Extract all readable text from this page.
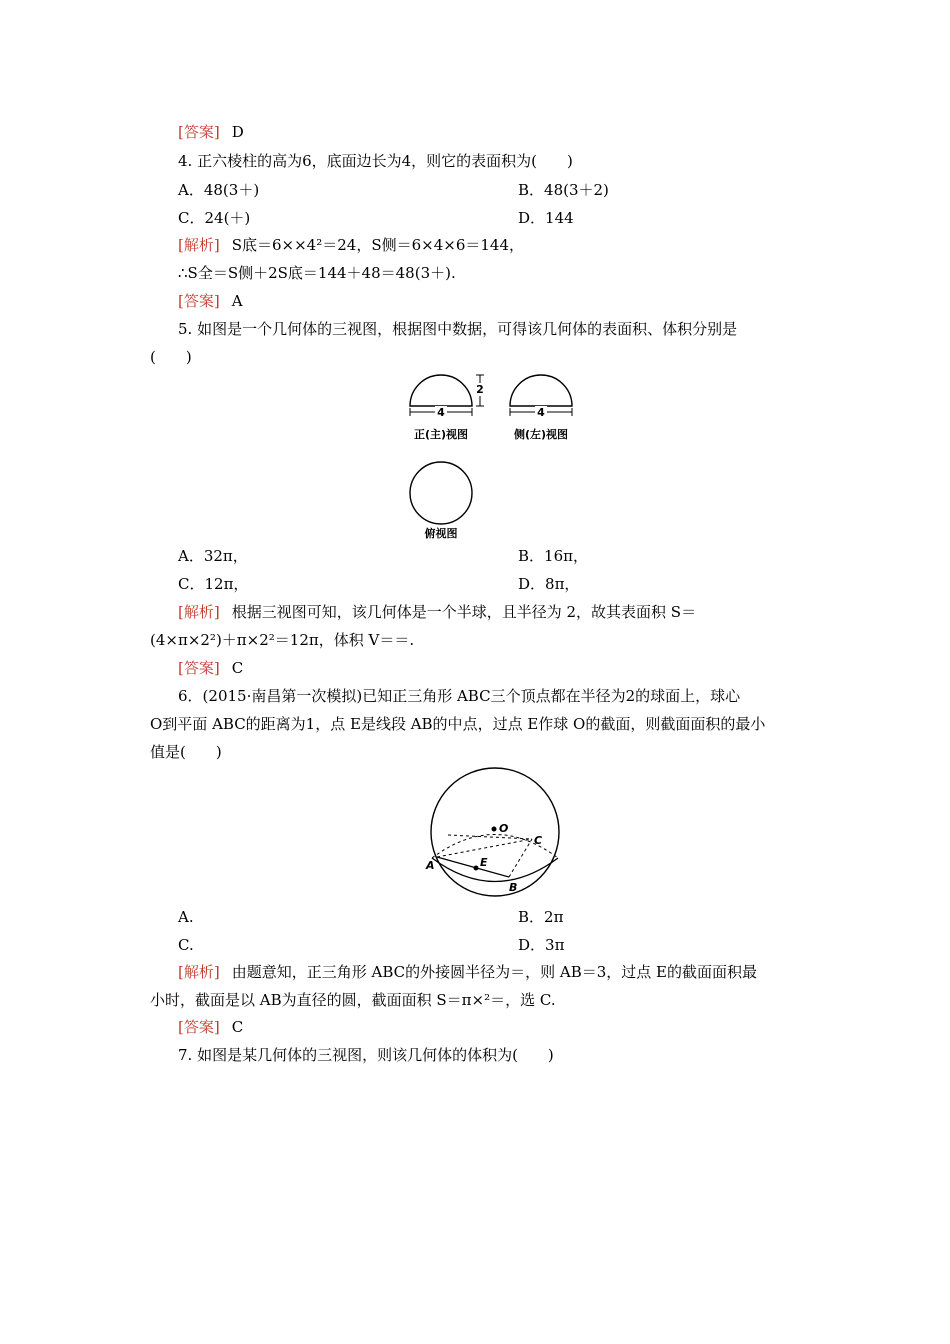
[答案] D
4. 正六棱柱的高为6，底面边长为4，则它的表面积为(　　)
A．48(3＋)	B．48(3＋2)
C．24(＋)	D．144
[解析] S底＝6××4²＝24，S侧＝6×4×6＝144，
∴S全＝S侧＋2S底＝144＋48＝48(3＋).
[答案] A
5. 如图是一个几何体的三视图，根据图中数据，可得该几何体的表面积、体积分别是
(　　)
4
2
正(主)视图
4
侧(左)视图
俯视图
A．32π，	B．16π，
C．12π，	D．8π，
[解析] 根据三视图可知，该几何体是一个半球，且半径为 2，故其表面积 S＝
(4×π×2²)＋π×2²＝12π，体积 V＝＝.
[答案] C
6．(2015·南昌第一次模拟)已知正三角形 ABC三个顶点都在半径为2的球面上，球心
O到平面 ABC的距离为1，点 E是线段 AB的中点，过点 E作球 O的截面，则截面面积的最小
值是(　　)
O
A
B
C
E
A.	B．2π
C.	D．3π
[解析] 由题意知，正三角形 ABC的外接圆半径为＝，则 AB＝3，过点 E的截面面积最
小时，截面是以 AB为直径的圆，截面面积 S＝π×²＝，选 C.
[答案] C
7. 如图是某几何体的三视图，则该几何体的体积为(　　)
